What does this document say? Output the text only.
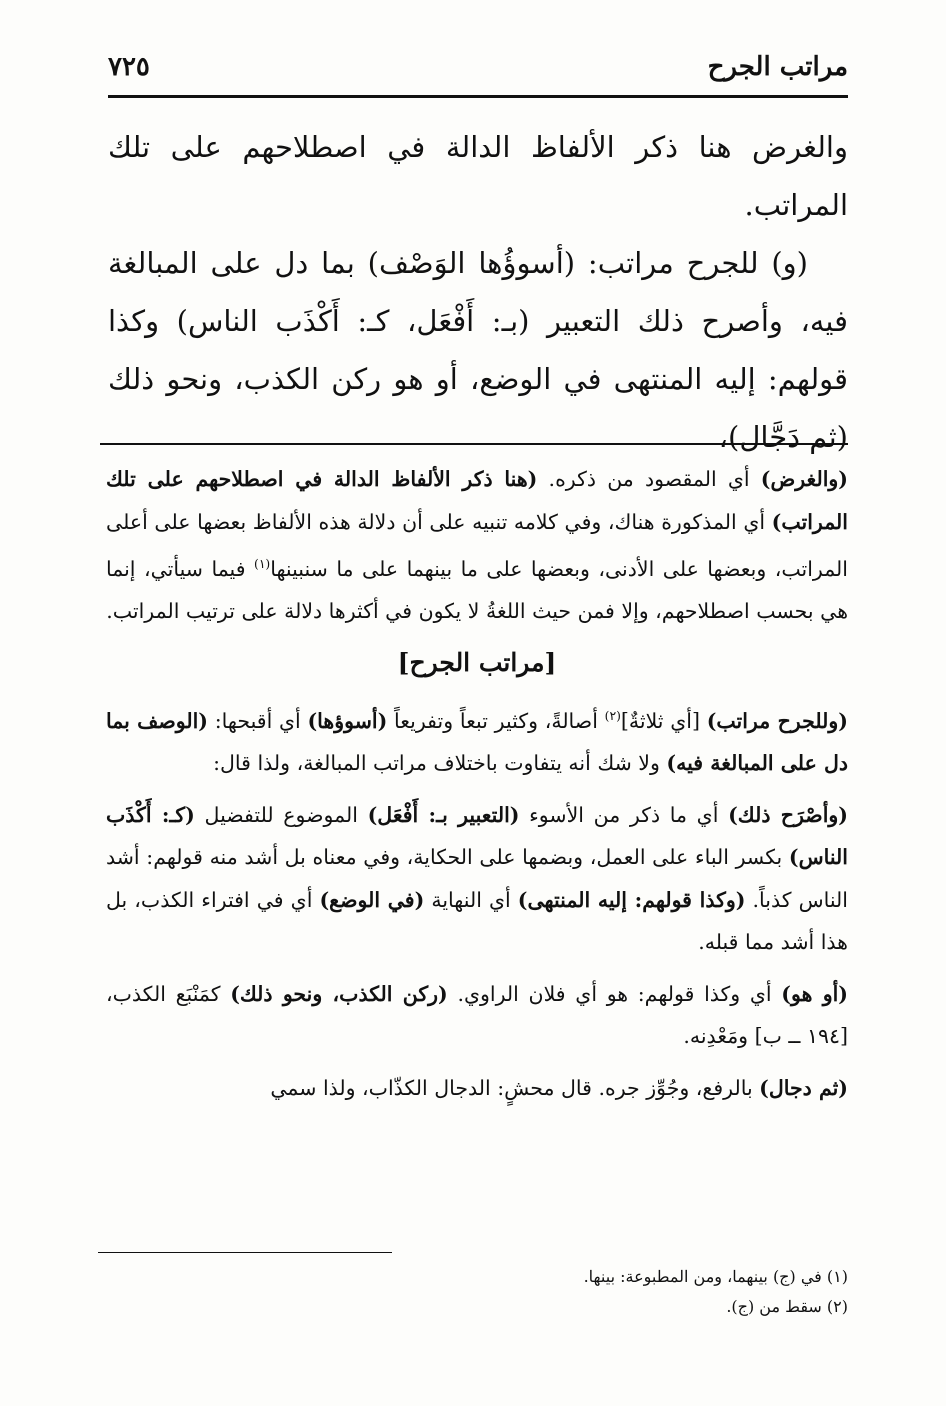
مراتب الجرح
٧٢٥

والغرض هنا ذكر الألفاظ الدالة في اصطلاحهم على تلك المراتب.

(و) للجرح مراتب: (أسوؤُها الوَصْف) بما دل على المبالغة فيه، وأصرح ذلك التعبير (بـ: أَفْعَل، كـ: أَكْذَب الناس) وكذا قولهم: إليه المنتهى في الوضع، أو هو ركن الكذب، ونحو ذلك (ثم دَجَّال)،

(والغرض) أي المقصود من ذكره. (هنا ذكر الألفاظ الدالة في اصطلاحهم على تلك المراتب) أي المذكورة هناك، وفي كلامه تنبيه على أن دلالة هذه الألفاظ بعضها على أعلى المراتب، وبعضها على الأدنى، وبعضها على ما بينهما على ما سنبينها$^{(١)}$ فيما سيأتي، إنما هي بحسب اصطلاحهم، وإلا فمن حيث اللغةُ لا يكون في أكثرها دلالة على ترتيب المراتب.

[مراتب الجرح]

(وللجرح مراتب) [أي ثلاثةٌ]$^{(٢)}$ أصالةً، وكثير تبعاً وتفريعاً (أسوؤها) أي أقبحها: (الوصف بما دل على المبالغة فيه) ولا شك أنه يتفاوت باختلاف مراتب المبالغة، ولذا قال:

(وأصْرَح ذلك) أي ما ذكر من الأسوء (التعبير بـ: أَفْعَل) الموضوع للتفضيل (كـ: أَكْذَب الناس) بكسر الباء على العمل، وبضمها على الحكاية، وفي معناه بل أشد منه قولهم: أشد الناس كذباً. (وكذا قولهم: إليه المنتهى) أي النهاية (في الوضع) أي في افتراء الكذب، بل هذا أشد مما قبله.

(أو هو) أي وكذا قولهم: هو أي فلان الراوي. (ركن الكذب، ونحو ذلك) كمَنْبَع الكذب، [١٩٤ ــ ب] ومَعْدِنه.

(ثم دجال) بالرفع، وجُوِّز جره. قال محشٍ: الدجال الكذّاب، ولذا سمي

(١) في (ج) بينهما، ومن المطبوعة: بينها.

(٢) سقط من (ج).
